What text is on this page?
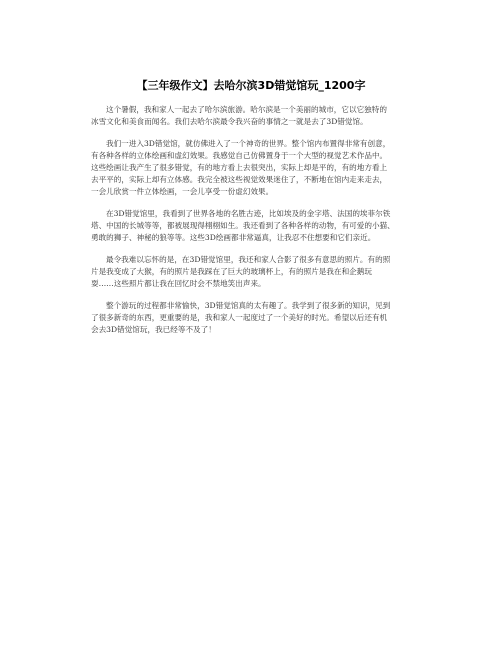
【三年级作文】去哈尔滨3D错觉馆玩_1200字
这个暑假，我和家人一起去了哈尔滨旅游。哈尔滨是一个美丽的城市，它以它独特的
冰雪文化和美食而闻名。我们去哈尔滨最令我兴奋的事情之一就是去了3D错觉馆。
我们一进入3D错觉馆，就仿佛进入了一个神奇的世界。整个馆内布置得非常有创意，
有各种各样的立体绘画和虚幻效果。我感觉自己仿佛置身于一个大型的视觉艺术作品中。
这些绘画让我产生了很多错觉，有的地方看上去很突出，实际上却是平的，有的地方看上
去平平的，实际上却有立体感。我完全被这些视觉效果迷住了，不断地在馆内走来走去，
一会儿欣赏一件立体绘画，一会儿享受一份虚幻效果。
在3D错觉馆里，我看到了世界各地的名胜古迹，比如埃及的金字塔、法国的埃菲尔铁
塔、中国的长城等等，都被展现得栩栩如生。我还看到了各种各样的动物，有可爱的小猫、
勇敢的狮子、神秘的狼等等。这些3D绘画都非常逼真，让我忍不住想要和它们亲近。
最令我难以忘怀的是，在3D错觉馆里，我还和家人合影了很多有意思的照片。有的照
片是我变成了大猴，有的照片是我踩在了巨大的玻璃杯上，有的照片是我在和企鹅玩
耍……这些照片都让我在回忆时会不禁地笑出声来。
整个游玩的过程都非常愉快，3D错觉馆真的太有趣了。我学到了很多新的知识，见到
了很多新奇的东西，更重要的是，我和家人一起度过了一个美好的时光。希望以后还有机
会去3D错觉馆玩，我已经等不及了！
